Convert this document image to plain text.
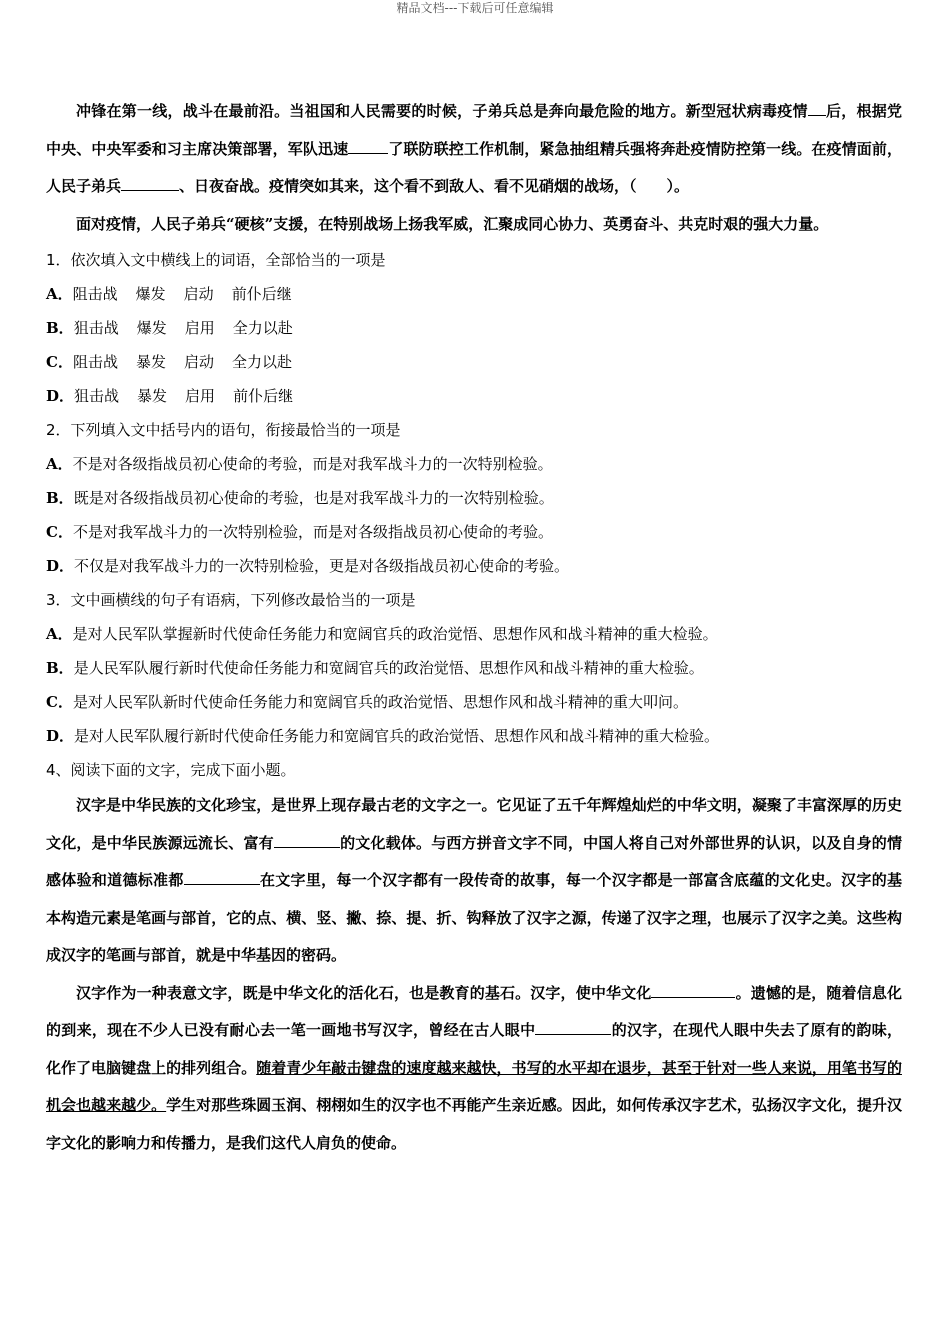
精品文档---下载后可任意编辑

冲锋在第一线，战斗在最前沿。当祖国和人民需要的时候，子弟兵总是奔向最危险的地方。新型冠状病毒疫情 后，根据党中央、中央军委和习主席决策部署，军队迅速	了联防联控工作机制，紧急抽组精兵强将奔赴疫情防控第一线。在疫情面前，人民子弟兵	、日夜奋战。疫情突如其来，这个看不到敌人、看不见硝烟的战场，（　　）。

面对疫情，人民子弟兵“硬核”支援，在特别战场上扬我军威，汇聚成同心协力、英勇奋斗、共克时艰的强大力量。

1．依次填入文中横线上的词语，全部恰当的一项是

A．阻击战 爆发 启动 前仆后继

B．狙击战 爆发 启用 全力以赴

C．阻击战 暴发 启动 全力以赴

D．狙击战 暴发 启用 前仆后继

2．下列填入文中括号内的语句，衔接最恰当的一项是

A．不是对各级指战员初心使命的考验，而是对我军战斗力的一次特别检验。

B．既是对各级指战员初心使命的考验，也是对我军战斗力的一次特别检验。

C．不是对我军战斗力的一次特别检验，而是对各级指战员初心使命的考验。

D．不仅是对我军战斗力的一次特别检验，更是对各级指战员初心使命的考验。

3．文中画横线的句子有语病，下列修改最恰当的一项是

A．是对人民军队掌握新时代使命任务能力和宽阔官兵的政治觉悟、思想作风和战斗精神的重大检验。

B．是人民军队履行新时代使命任务能力和宽阔官兵的政治觉悟、思想作风和战斗精神的重大检验。

C．是对人民军队新时代使命任务能力和宽阔官兵的政治觉悟、思想作风和战斗精神的重大叩问。

D．是对人民军队履行新时代使命任务能力和宽阔官兵的政治觉悟、思想作风和战斗精神的重大检验。

4、阅读下面的文字，完成下面小题。

汉字是中华民族的文化珍宝，是世界上现存最古老的文字之一。它见证了五千年辉煌灿烂的中华文明，凝聚了丰富深厚的历史文化，是中华民族源远流长、富有	的文化载体。与西方拼音文字不同，中国人将自己对外部世界的认识，以及自身的情感体验和道德标准都	在文字里，每一个汉字都有一段传奇的故事，每一个汉字都是一部富含底蕴的文化史。汉字的基本构造元素是笔画与部首，它的点、横、竖、撇、捺、提、折、钩释放了汉字之源，传递了汉字之理，也展示了汉字之美。这些构成汉字的笔画与部首，就是中华基因的密码。

汉字作为一种表意文字，既是中华文化的活化石，也是教育的基石。汉字，使中华文化	。遗憾的是，随着信息化的到来，现在不少人已没有耐心去一笔一画地书写汉字，曾经在古人眼中	的汉字，在现代人眼中失去了原有的韵味，化作了电脑键盘上的排列组合。随着青少年敲击键盘的速度越来越快，书写的水平却在退步，甚至于针对一些人来说，用笔书写的机会也越来越少。学生对那些珠圆玉润、栩栩如生的汉字也不再能产生亲近感。因此，如何传承汉字艺术，弘扬汉字文化，提升汉字文化的影响力和传播力，是我们这代人肩负的使命。
